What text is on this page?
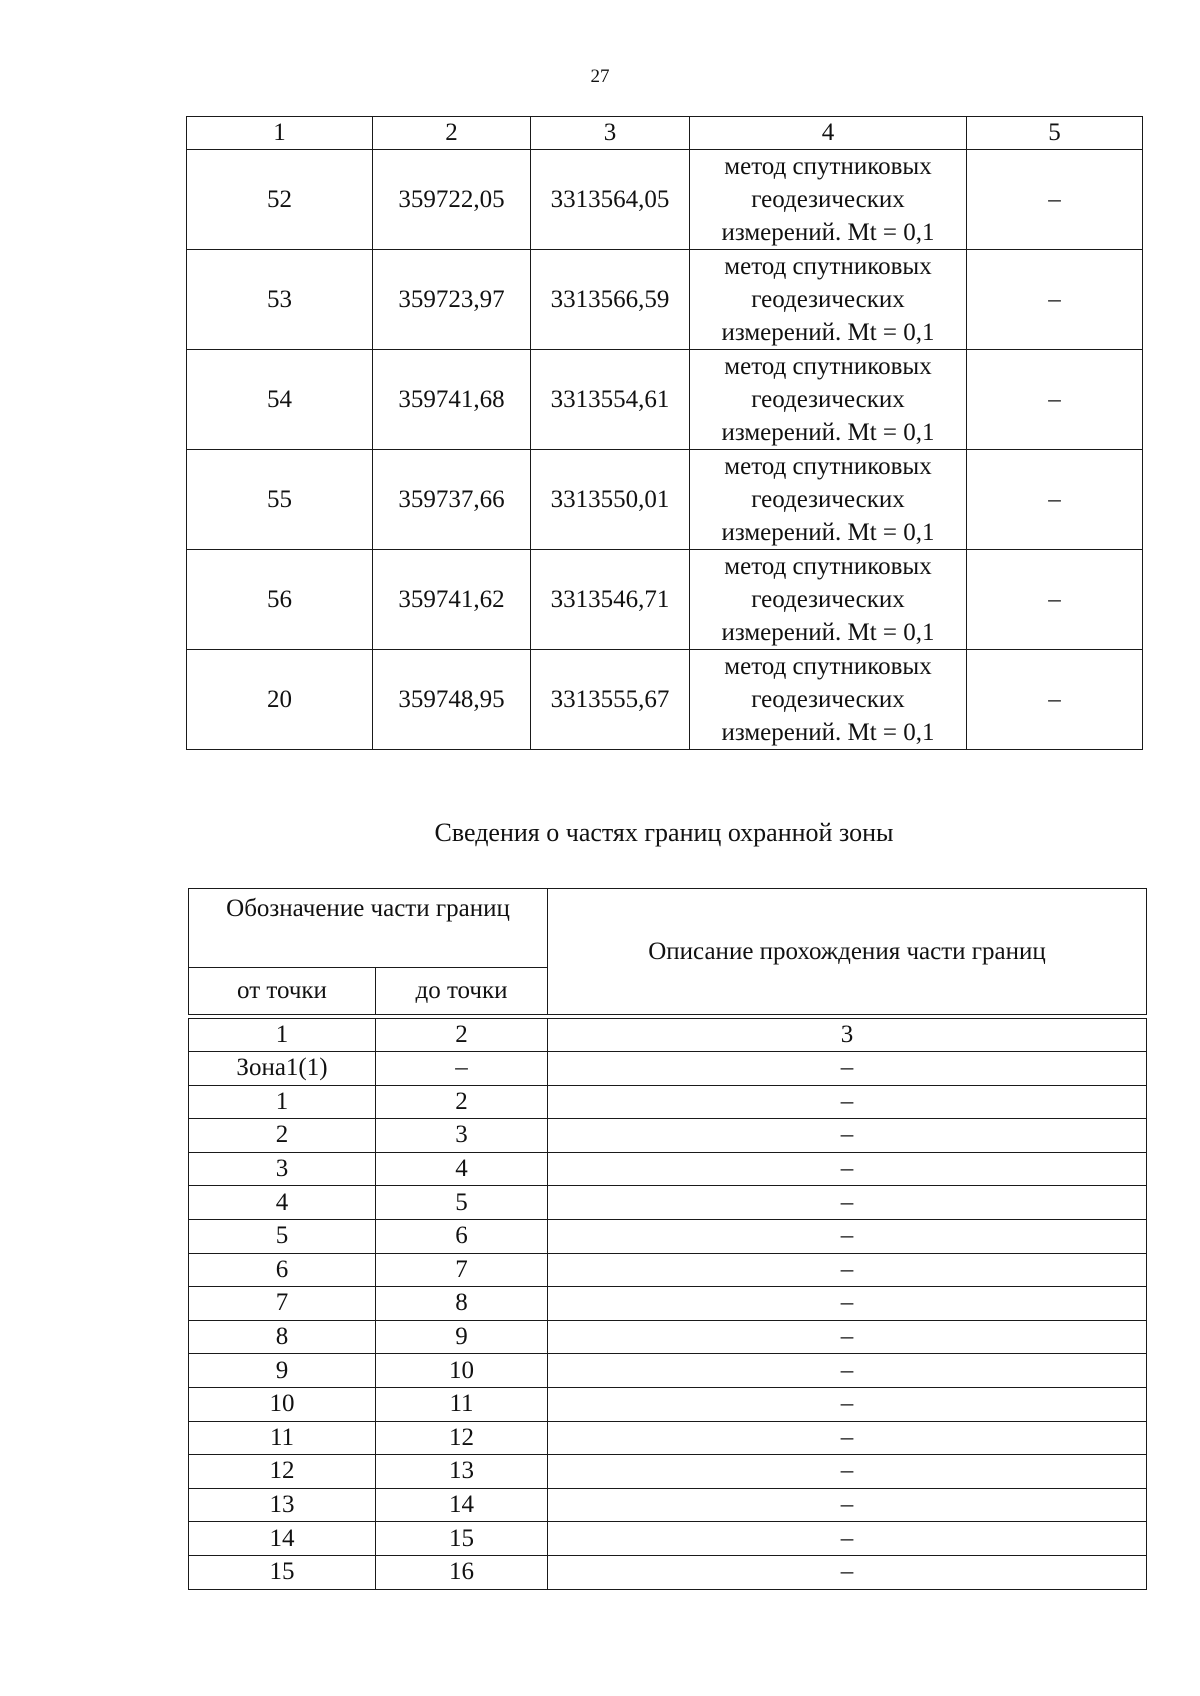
27
1	2	3	4	5
52	359722,05	3313564,05	метод спутниковых
геодезических
измерений. Mt = 0,1	–
53	359723,97	3313566,59	метод спутниковых
геодезических
измерений. Mt = 0,1	–
54	359741,68	3313554,61	метод спутниковых
геодезических
измерений. Mt = 0,1	–
55	359737,66	3313550,01	метод спутниковых
геодезических
измерений. Mt = 0,1	–
56	359741,62	3313546,71	метод спутниковых
геодезических
измерений. Mt = 0,1	–
20	359748,95	3313555,67	метод спутниковых
геодезических
измерений. Mt = 0,1	–
Сведения о частях границ охранной зоны
Обозначение части границ		Описание прохождения части границ
от точки	до точки	

1	2	3
Зона1(1)	–	–
1	2	–
2	3	–
3	4	–
4	5	–
5	6	–
6	7	–
7	8	–
8	9	–
9	10	–
10	11	–
11	12	–
12	13	–
13	14	–
14	15	–
15	16	–
